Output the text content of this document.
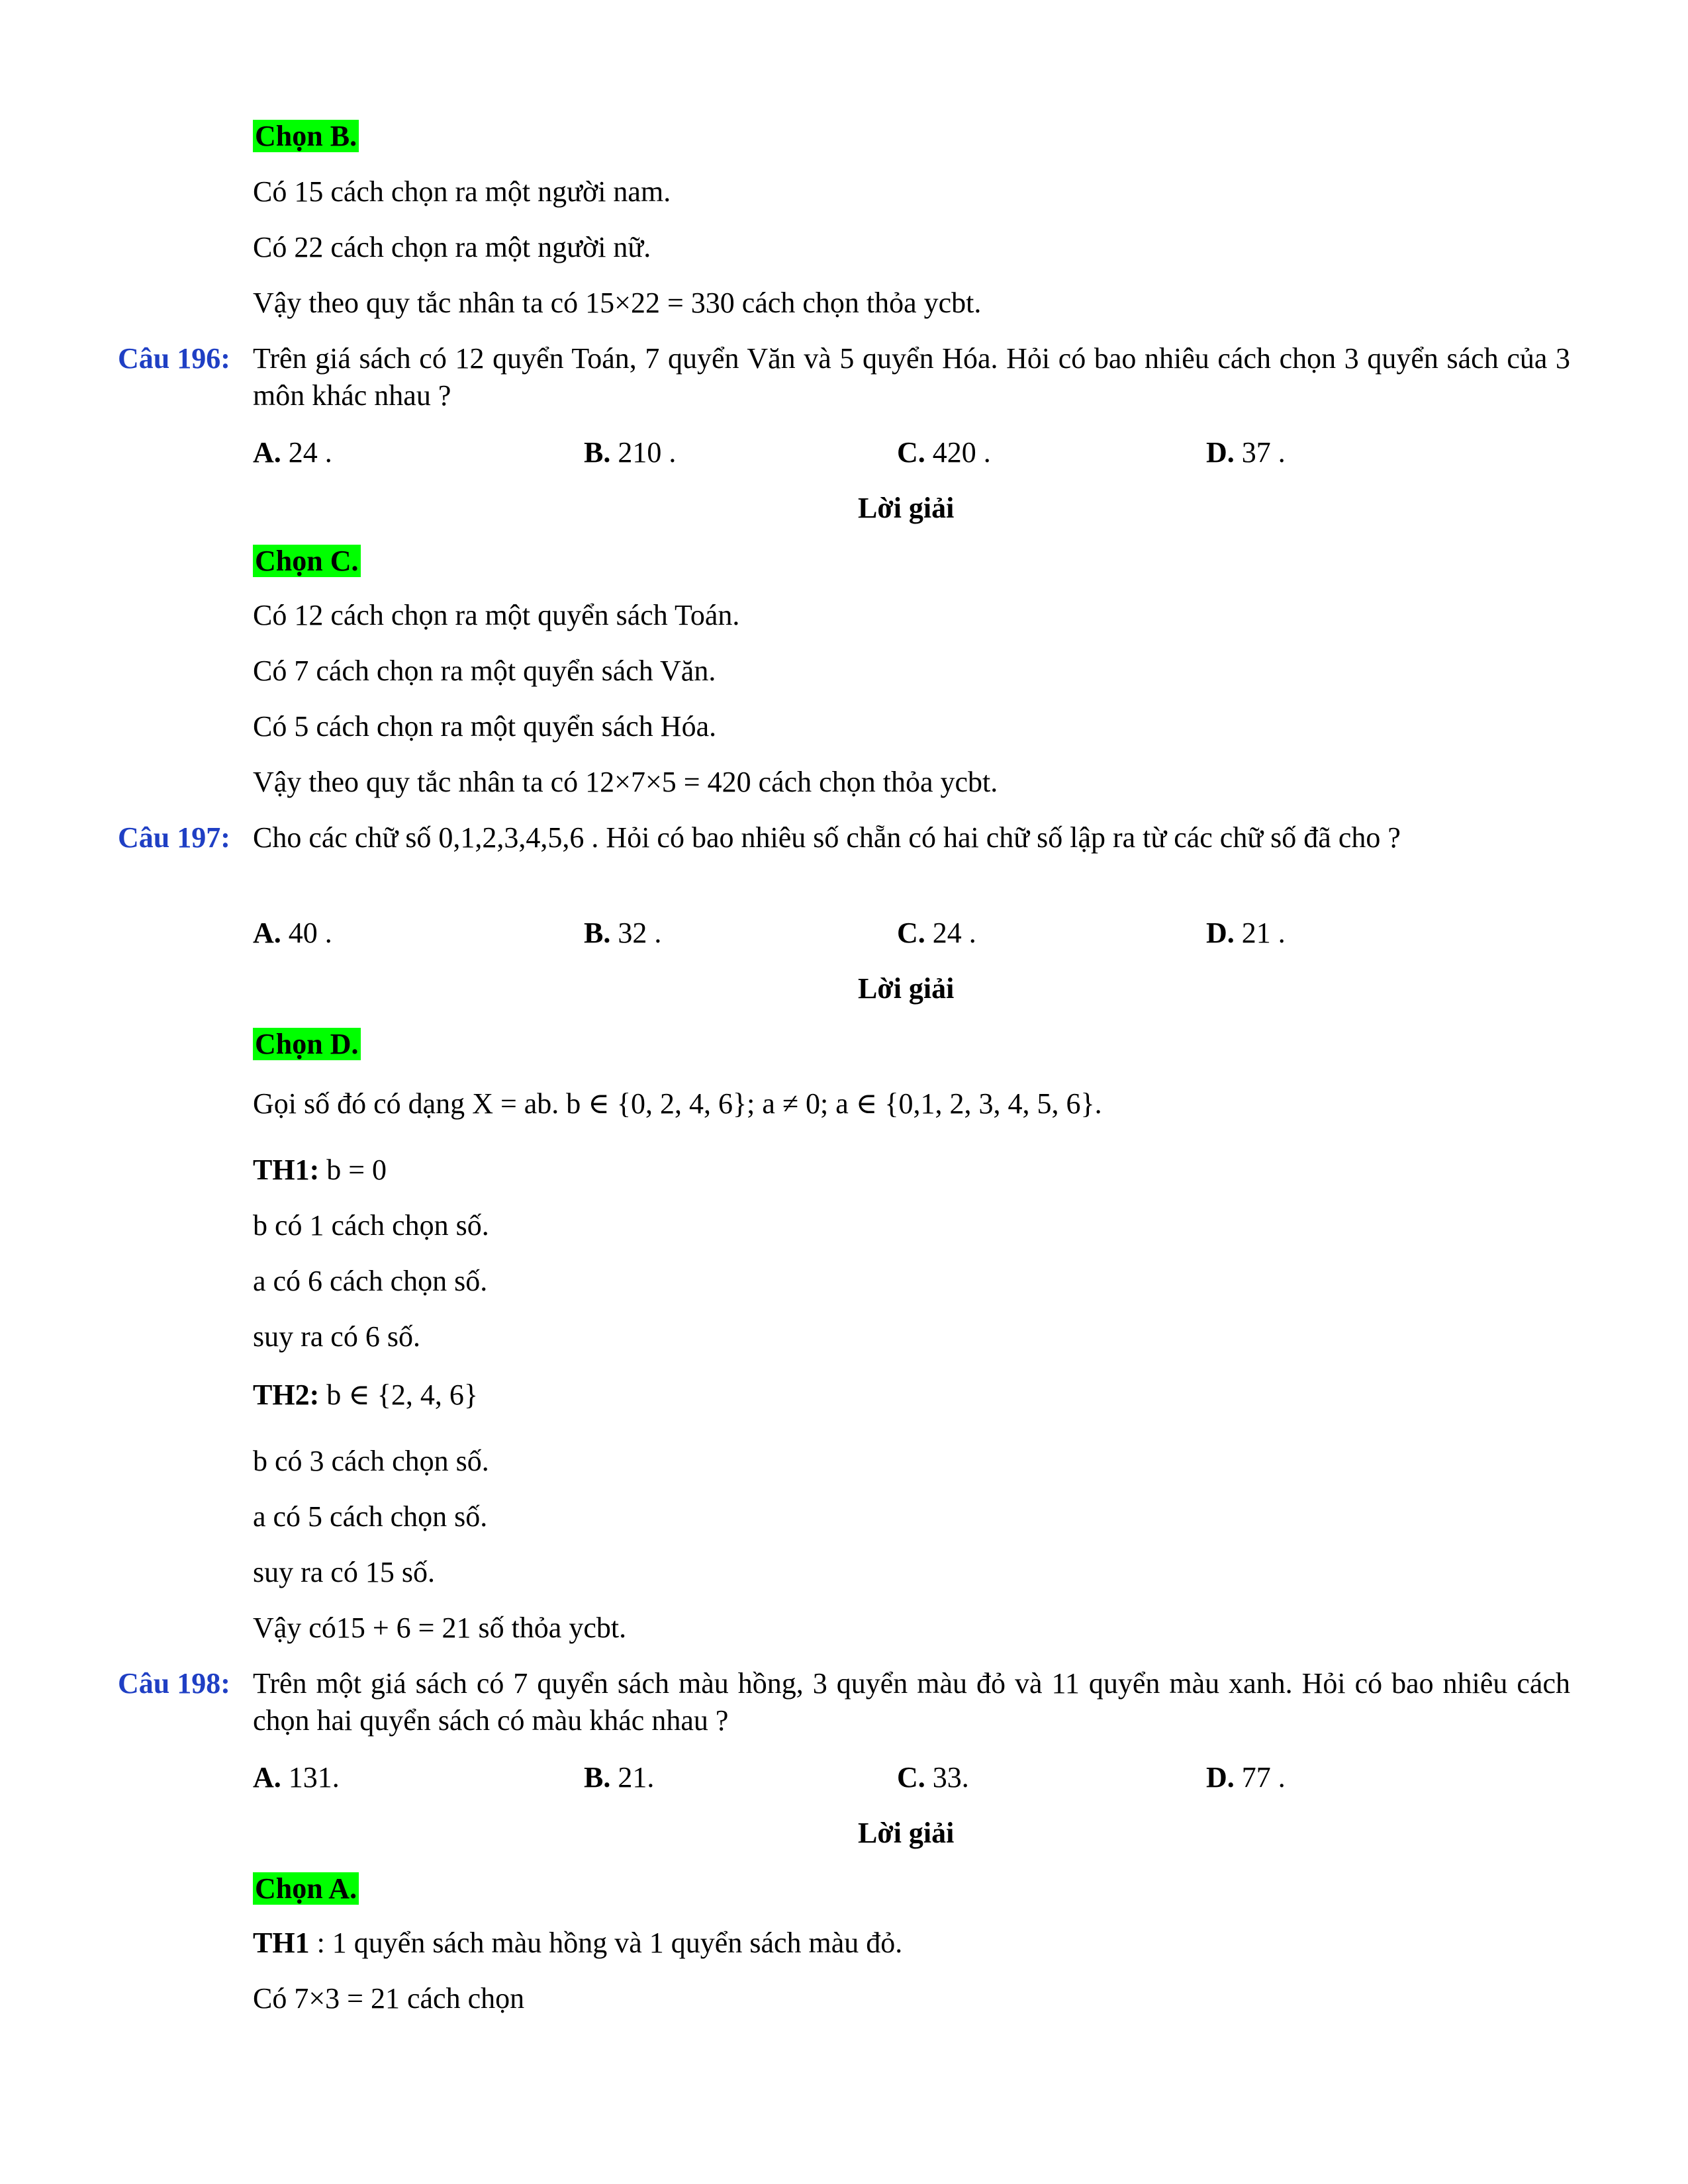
Chọn B.
Có 15 cách chọn ra một người nam.
Có 22 cách chọn ra một người nữ.
Vậy theo quy tắc nhân ta có 15×22 = 330 cách chọn thỏa ycbt.
Câu 196: Trên giá sách có 12 quyển Toán, 7 quyển Văn và 5 quyển Hóa. Hỏi có bao nhiêu cách chọn 3 quyển sách của 3 môn khác nhau ?
A. 24 .	B. 210 .	C. 420 .	D. 37 .
Lời giải
Chọn C.
Có 12 cách chọn ra một quyển sách Toán.
Có 7 cách chọn ra một quyển sách Văn.
Có 5 cách chọn ra một quyển sách Hóa.
Vậy theo quy tắc nhân ta có 12×7×5 = 420 cách chọn thỏa ycbt.
Câu 197: Cho các chữ số 0,1,2,3,4,5,6 . Hỏi có bao nhiêu số chẵn có hai chữ số lập ra từ các chữ số đã cho ?
A. 40 .	B. 32 .	C. 24 .	D. 21 .
Lời giải
Chọn D.
Gọi số đó có dạng X = ab. b ∈ {0, 2, 4, 6}; a ≠ 0; a ∈ {0,1, 2, 3, 4, 5, 6}.
TH1: b = 0
b có 1 cách chọn số.
a có 6 cách chọn số.
suy ra có 6 số.
TH2: b ∈ {2, 4, 6}
b có 3 cách chọn số.
a có 5 cách chọn số.
suy ra có 15 số.
Vậy có15 + 6 = 21 số thỏa ycbt.
Câu 198: Trên một giá sách có 7 quyển sách màu hồng, 3 quyển màu đỏ và 11 quyển màu xanh. Hỏi có bao nhiêu cách chọn hai quyển sách có màu khác nhau ?
A. 131.	B. 21.	C. 33.	D. 77 .
Lời giải
Chọn A.
TH1 : 1 quyển sách màu hồng và 1 quyển sách màu đỏ.
Có 7×3 = 21 cách chọn
